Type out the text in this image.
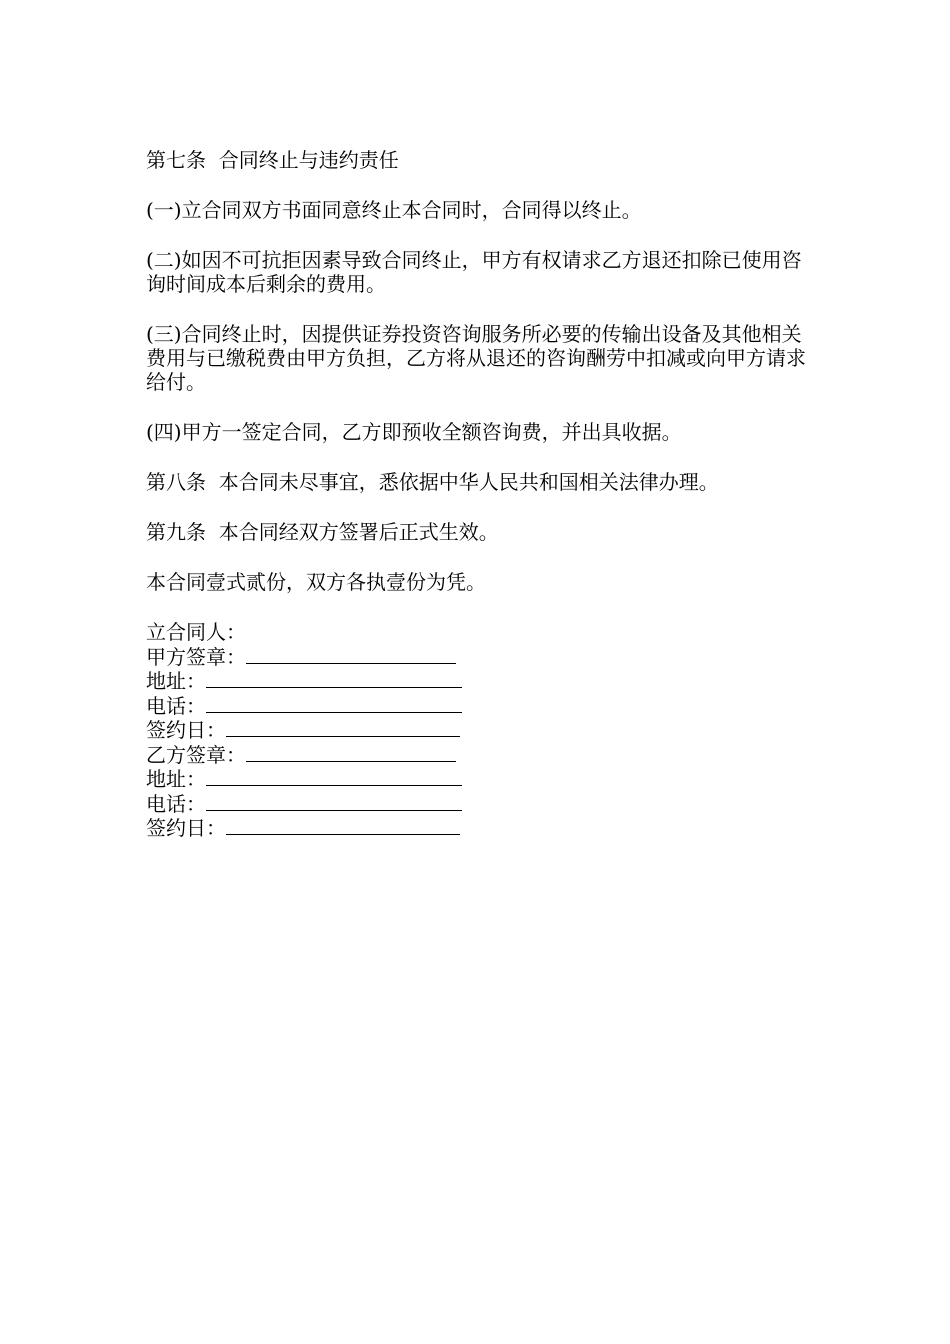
第七条  合同终止与违约责任

(一)立合同双方书面同意终止本合同时，合同得以终止。

(二)如因不可抗拒因素导致合同终止，甲方有权请求乙方退还扣除已使用咨询时间成本后剩余的费用。

(三)合同终止时，因提供证券投资咨询服务所必要的传输出设备及其他相关费用与已缴税费由甲方负担，乙方将从退还的咨询酬劳中扣减或向甲方请求给付。

(四)甲方一签定合同，乙方即预收全额咨询费，并出具收据。

第八条  本合同未尽事宜，悉依据中华人民共和国相关法律办理。

第九条  本合同经双方签署后正式生效。

本合同壹式贰份，双方各执壹份为凭。

立合同人：
甲方签章：
地址：
电话：
签约日：
乙方签章：
地址：
电话：
签约日：
